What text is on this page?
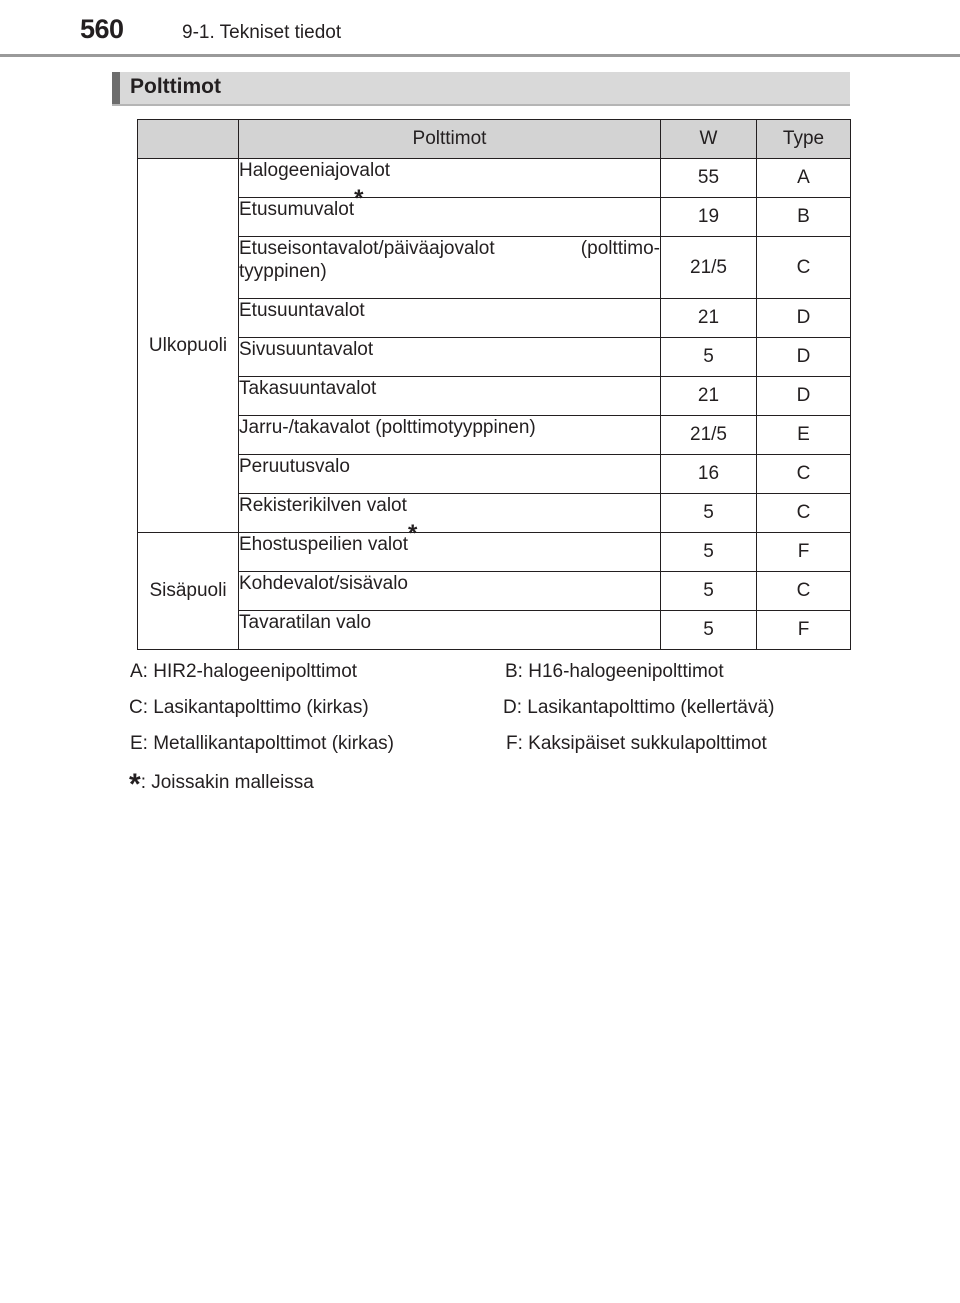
560	9-1. Tekniset tiedot
Polttimot
	Polttimot	W	Type
Ulkopuoli	Halogeeniajovalot	55	A
	Etusumuvalot*	19	B
	Etuseisontavalot/päiväajovalot (polttimo-tyyppinen)	21/5	C
	Etusuuntavalot	21	D
	Sivusuuntavalot	5	D
	Takasuuntavalot	21	D
	Jarru-/takavalot (polttimotyyppinen)	21/5	E
	Peruutusvalo	16	C
	Rekisterikilven valot	5	C
Sisäpuoli	Ehostuspeilien valot*	5	F
	Kohdevalot/sisävalo	5	C
	Tavaratilan valo	5	F
A: HIR2-halogeenipolttimot	B: H16-halogeenipolttimot
C: Lasikantapolttimo (kirkas)	D: Lasikantapolttimo (kellertävä)
E: Metallikantapolttimot (kirkas)	F: Kaksipäiset sukkulapolttimot
*: Joissakin malleissa
